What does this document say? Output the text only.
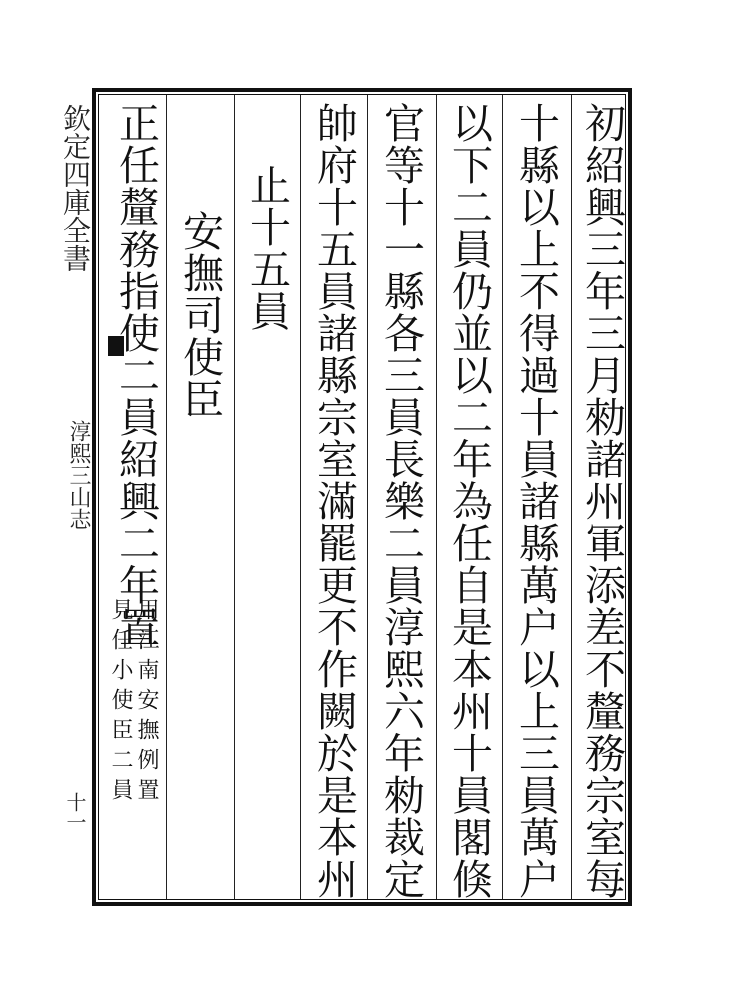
欽定四庫全書
淳熙三山志
十一	初紹興三年三月勑諸州軍添差不釐務宗室每
十縣以上不得過十員諸縣萬户以上三員萬户
以下二員仍並以二年為任自是本州十員閣倏
官等十一縣各三員長樂二員淳熙六年勑裁定
帥府十五員諸縣宗室滿罷更不作闕於是本州
止十五員
安撫司使臣
正任釐務指使二員紹興二年置
用江南安撫例置
見任小使臣二員
